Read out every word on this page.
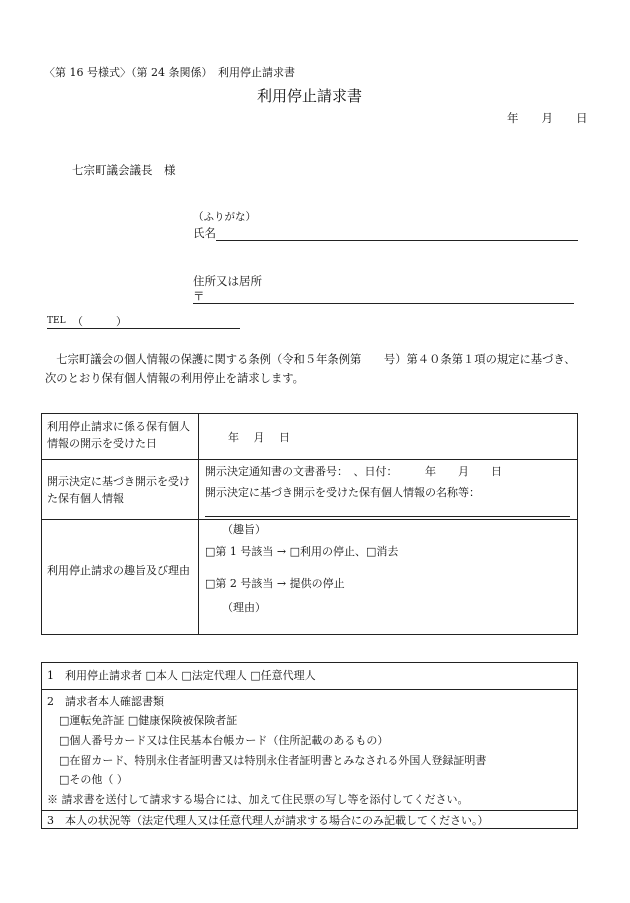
〈第 16 号様式〉（第 24 条関係）　利用停止請求書
利用停止請求書
年　　月　　日
七宗町議会議長　様
（ふりがな）
氏名
住所又は居所
〒
TEL （　　　）
七宗町議会の個人情報の保護に関する条例（令和５年条例第　　号）第４０条第１項の規定に基づき、次のとおり保有個人情報の利用停止を請求します。
利用停止請求に係る保有個人情報の開示を受けた日	年　 月　 日
開示決定に基づき開示を受けた保有個人情報
開示決定通知書の文書番号：　、日付：　　　年　　月　　日
開示決定に基づき開示を受けた保有個人情報の名称等：
利用停止請求の趣旨及び理由
（趣旨）
□第 1 号該当 → □利用の停止、□消去
□第 2 号該当 → 提供の停止
（理由）
1　利用停止請求者 □本人 □法定代理人 □任意代理人
2　請求者本人確認書類
□運転免許証 □健康保険被保険者証
□個人番号カード又は住民基本台帳カード（住所記載のあるもの）
□在留カード、特別永住者証明書又は特別永住者証明書とみなされる外国人登録証明書
□その他（ ）
※ 請求書を送付して請求する場合には、加えて住民票の写し等を添付してください。
3　本人の状況等（法定代理人又は任意代理人が請求する場合にのみ記載してください。）
